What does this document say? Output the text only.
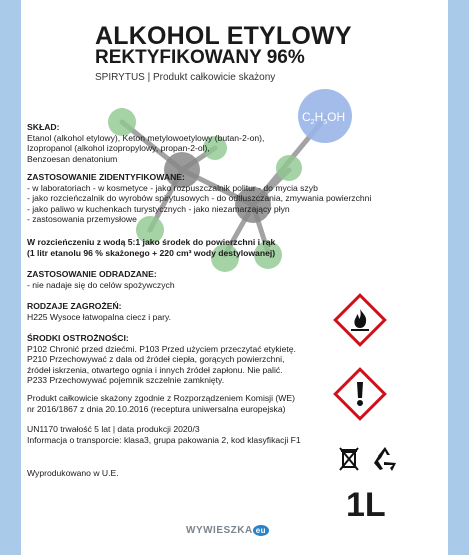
$C_2H_5OH$
ALKOHOL ETYLOWY
REKTYFIKOWANY 96%
SPIRYTUS | Produkt całkowicie skażony
SKŁAD:
Etanol (alkohol etylowy), Keton metylowoetylowy (butan-2-on),
Izopropanol (alkohol izopropylowy, propan-2-ol),
Benzoesan denatonium
ZASTOSOWANIE ZIDENTYFIKOWANE:
- w laboratoriach - w kosmetyce - jako rozpuszczalnik politur - do mycia szyb
- jako rozcieńczalnik do wyrobów spirytusowych - do odtłuszczania, zmywania powierzchni
- jako paliwo w kuchenkach turystycznych - jako niezamarzający płyn
- zastosowania przemysłowe
W rozcieńczeniu z wodą 5:1 jako środek do powierzchni i rąk
(1 litr etanolu 96 % skażonego + 220 cm³ wody destylowanej)
ZASTOSOWANIE ODRADZANE:
- nie nadaje się do celów spożywczych
RODZAJE ZAGROŻEŃ:
H225 Wysoce łatwopalna ciecz i pary.
ŚRODKI OSTROŻNOŚCI:
P102 Chronić przed dziećmi. P103 Przed użyciem przeczytać etykietę.
P210 Przechowywać z dala od źródeł ciepła, gorących powierzchni,
źródeł iskrzenia, otwartego ognia i innych źródeł zapłonu. Nie palić.
P233 Przechowywać pojemnik szczelnie zamknięty.
Produkt całkowicie skażony zgodnie z Rozporządzeniem Komisji (WE)
nr 2016/1867 z dnia 20.10.2016 (receptura uniwersalna europejska)
UN1170 trwałość 5 lat | data produkcji 2020/3
Informacja o transporcie: klasa3, grupa pakowania 2, kod klasyfikacji F1
Wyprodukowano w U.E.
1L
WYWIESZKA eu
